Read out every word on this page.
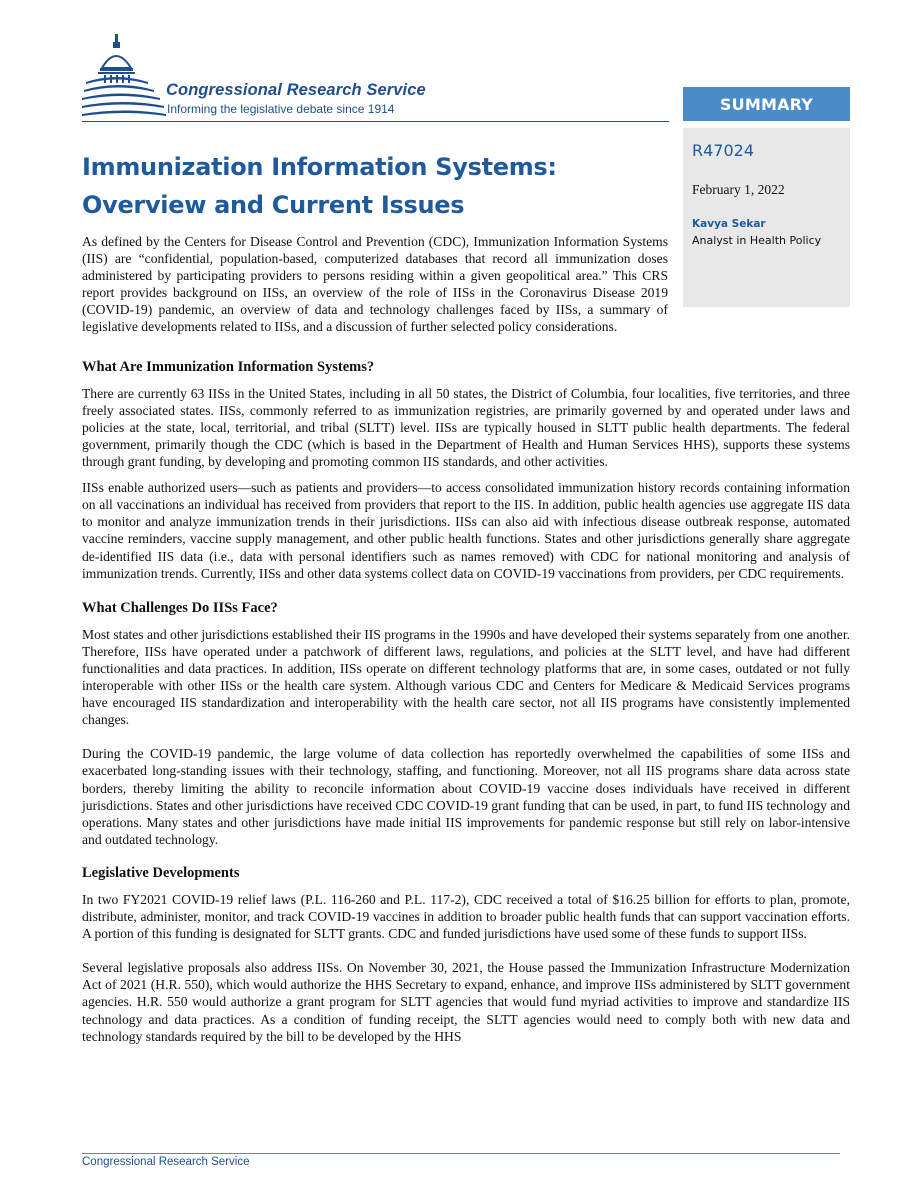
Congressional Research Service
Informing the legislative debate since 1914	SUMMARY
R47024
February 1, 2022
Kavya Sekar
Analyst in Health Policy
Immunization Information Systems: Overview and Current Issues

As defined by the Centers for Disease Control and Prevention (CDC), Immunization Information Systems (IIS) are “confidential, population-based, computerized databases that record all immunization doses administered by participating providers to persons residing within a given geopolitical area.” This CRS report provides background on IISs, an overview of the role of IISs in the Coronavirus Disease 2019 (COVID-19) pandemic, an overview of data and technology challenges faced by IISs, a summary of legislative developments related to IISs, and a discussion of further selected policy considerations.

What Are Immunization Information Systems?

There are currently 63 IISs in the United States, including in all 50 states, the District of Columbia, four localities, five territories, and three freely associated states. IISs, commonly referred to as immunization registries, are primarily governed by and operated under laws and policies at the state, local, territorial, and tribal (SLTT) level. IISs are typically housed in SLTT public health departments. The federal government, primarily though the CDC (which is based in the Department of Health and Human Services HHS), supports these systems through grant funding, by developing and promoting common IIS standards, and other activities.

IISs enable authorized users—such as patients and providers—to access consolidated immunization history records containing information on all vaccinations an individual has received from providers that report to the IIS. In addition, public health agencies use aggregate IIS data to monitor and analyze immunization trends in their jurisdictions. IISs can also aid with infectious disease outbreak response, automated vaccine reminders, vaccine supply management, and other public health functions. States and other jurisdictions generally share aggregate de-identified IIS data (i.e., data with personal identifiers such as names removed) with CDC for national monitoring and analysis of immunization trends. Currently, IISs and other data systems collect data on COVID-19 vaccinations from providers, per CDC requirements.

What Challenges Do IISs Face?

Most states and other jurisdictions established their IIS programs in the 1990s and have developed their systems separately from one another. Therefore, IISs have operated under a patchwork of different laws, regulations, and policies at the SLTT level, and have had different functionalities and data practices. In addition, IISs operate on different technology platforms that are, in some cases, outdated or not fully interoperable with other IISs or the health care system. Although various CDC and Centers for Medicare & Medicaid Services programs have encouraged IIS standardization and interoperability with the health care sector, not all IIS programs have consistently implemented changes.

During the COVID-19 pandemic, the large volume of data collection has reportedly overwhelmed the capabilities of some IISs and exacerbated long-standing issues with their technology, staffing, and functioning. Moreover, not all IIS programs share data across state borders, thereby limiting the ability to reconcile information about COVID-19 vaccine doses individuals have received in different jurisdictions. States and other jurisdictions have received CDC COVID-19 grant funding that can be used, in part, to fund IIS technology and operations. Many states and other jurisdictions have made initial IIS improvements for pandemic response but still rely on labor-intensive and outdated technology.

Legislative Developments

In two FY2021 COVID-19 relief laws (P.L. 116-260 and P.L. 117-2), CDC received a total of $16.25 billion for efforts to plan, promote, distribute, administer, monitor, and track COVID-19 vaccines in addition to broader public health funds that can support vaccination efforts. A portion of this funding is designated for SLTT grants. CDC and funded jurisdictions have used some of these funds to support IISs.

Several legislative proposals also address IISs. On November 30, 2021, the House passed the Immunization Infrastructure Modernization Act of 2021 (H.R. 550), which would authorize the HHS Secretary to expand, enhance, and improve IISs administered by SLTT government agencies. H.R. 550 would authorize a grant program for SLTT agencies that would fund myriad activities to improve and standardize IIS technology and data practices. As a condition of funding receipt, the SLTT agencies would need to comply both with new data and technology standards required by the bill to be developed by the HHS

Congressional Research Service
